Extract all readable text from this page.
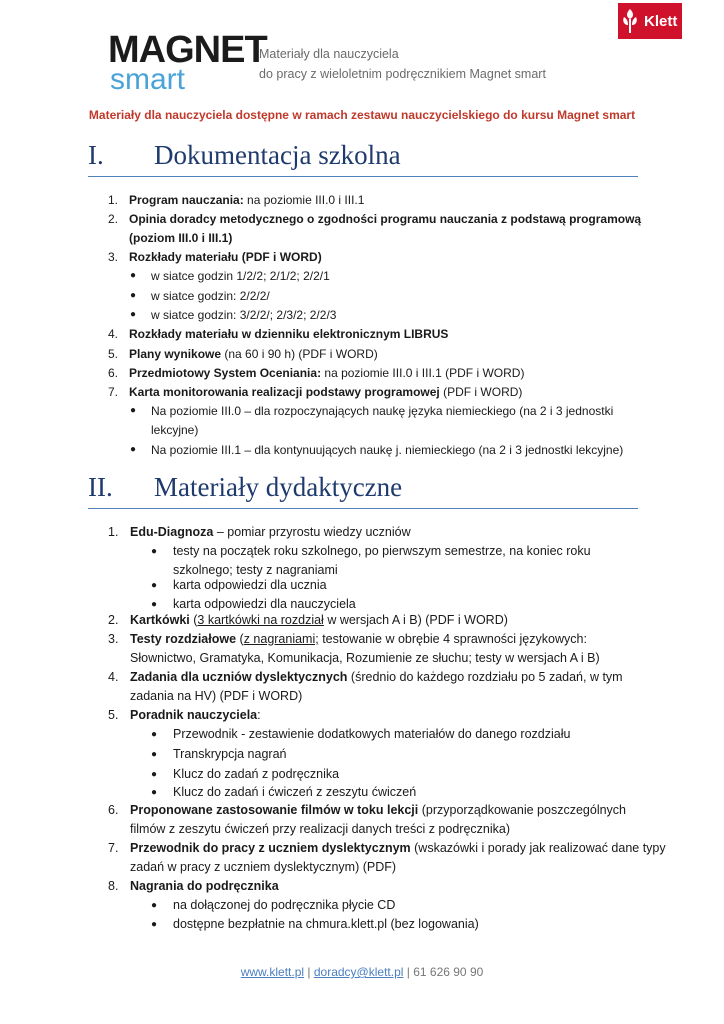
MAGNET
smart
Materiały dla nauczyciela
do pracy z wieloletnim podręcznikiem Magnet smart
Klett
Materiały dla nauczyciela dostępne w ramach zestawu nauczycielskiego do kursu Magnet smart
I. Dokumentacja szkolna
1. Program nauczania: na poziomie III.0 i III.1
2. Opinia doradcy metodycznego o zgodności programu nauczania z podstawą programową
(poziom III.0 i III.1)
3. Rozkłady materiału (PDF i WORD)
● w siatce godzin 1/2/2; 2/1/2; 2/2/1
● w siatce godzin: 2/2/2/
● w siatce godzin: 3/2/2/; 2/3/2; 2/2/3
4. Rozkłady materiału w dzienniku elektronicznym LIBRUS
5. Plany wynikowe (na 60 i 90 h) (PDF i WORD)
6. Przedmiotowy System Oceniania: na poziomie III.0 i III.1 (PDF i WORD)
7. Karta monitorowania realizacji podstawy programowej (PDF i WORD)
● Na poziomie III.0 – dla rozpoczynających naukę języka niemieckiego (na 2 i 3 jednostki
lekcyjne)
● Na poziomie III.1 – dla kontynuujących naukę j. niemieckiego (na 2 i 3 jednostki lekcyjne)
II. Materiały dydaktyczne
1. Edu-Diagnoza – pomiar przyrostu wiedzy uczniów
● testy na początek roku szkolnego, po pierwszym semestrze, na koniec roku
szkolnego; testy z nagraniami
● karta odpowiedzi dla ucznia
● karta odpowiedzi dla nauczyciela
2. Kartkówki (3 kartkówki na rozdział w wersjach A i B) (PDF i WORD)
3. Testy rozdziałowe (z nagraniami; testowanie w obrębie 4 sprawności językowych:
Słownictwo, Gramatyka, Komunikacja, Rozumienie ze słuchu; testy w wersjach A i B)
4. Zadania dla uczniów dyslektycznych (średnio do każdego rozdziału po 5 zadań, w tym
zadania na HV) (PDF i WORD)
5. Poradnik nauczyciela:
● Przewodnik - zestawienie dodatkowych materiałów do danego rozdziału
● Transkrypcja nagrań
● Klucz do zadań z podręcznika
● Klucz do zadań i ćwiczeń z zeszytu ćwiczeń
6. Proponowane zastosowanie filmów w toku lekcji (przyporządkowanie poszczególnych
filmów z zeszytu ćwiczeń przy realizacji danych treści z podręcznika)
7. Przewodnik do pracy z uczniem dyslektycznym (wskazówki i porady jak realizować dane typy
zadań w pracy z uczniem dyslektycznym) (PDF)
8. Nagrania do podręcznika
● na dołączonej do podręcznika płycie CD
● dostępne bezpłatnie na chmura.klett.pl (bez logowania)
www.klett.pl | doradcy@klett.pl | 61 626 90 90
